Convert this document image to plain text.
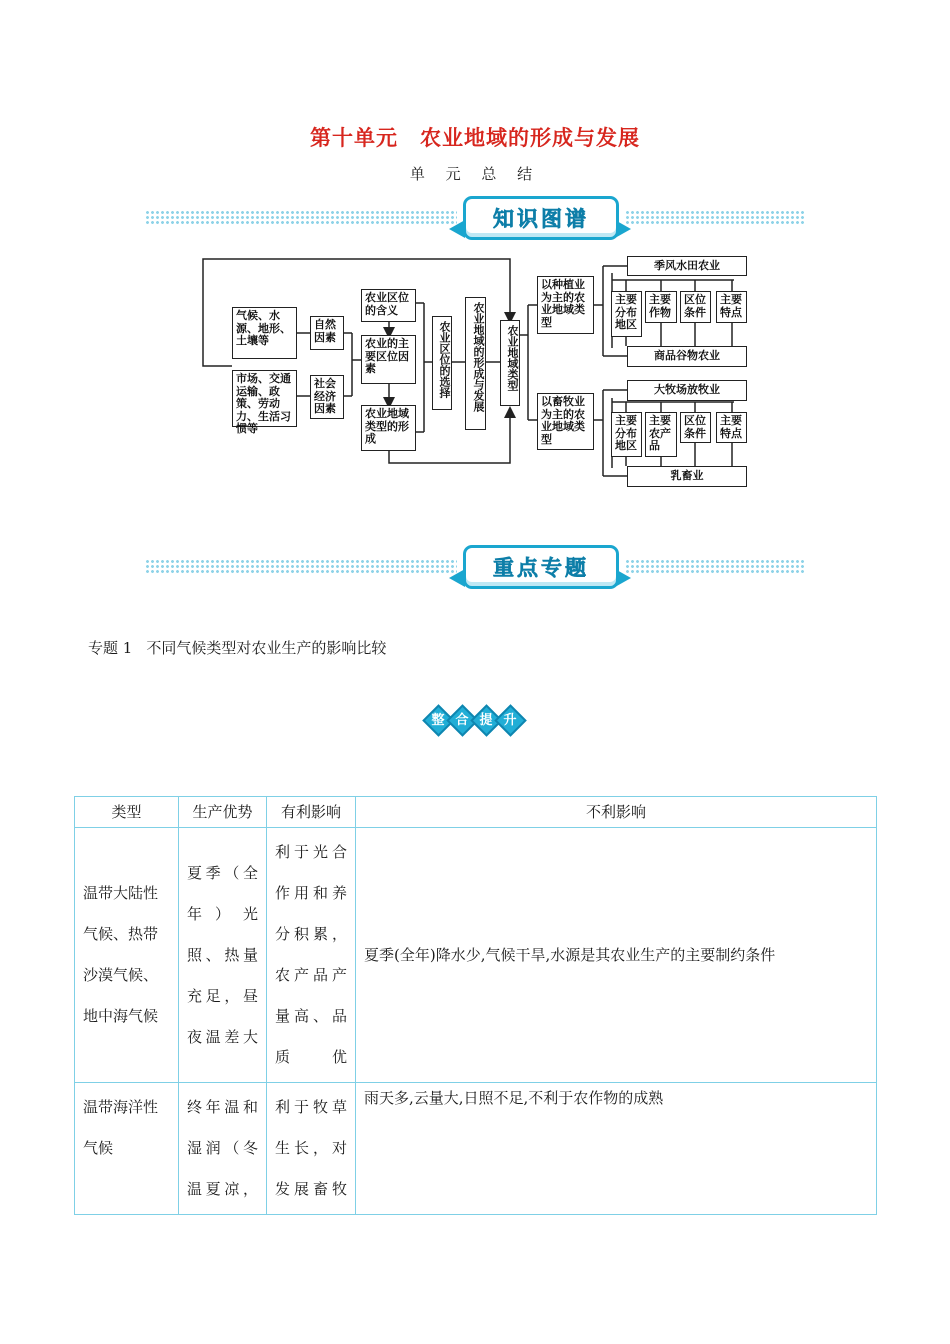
第十单元　农业地域的形成与发展
单 元 总 结
知识图谱
气候、水源、地形、土壤等
市场、交通运输、政策、劳动力、生活习惯等
自然因素
社会经济因素
农业区位的含义
农业的主要区位因素
农业地域类型的形成
农业区位的选择	农业地域的形成与发展	农业地域类型
以种植业为主的农业地域类型
以畜牧业为主的农业地域类型
季风水田农业
主要分布地区
主要作物
区位条件
主要特点
商品谷物农业
大牧场放牧业
主要分布地区
主要农产品
区位条件
主要特点
乳畜业
重点专题
专题 1 不同气候类型对农业生产的影响比较
整 合 提 升
类型	生产优势	有利影响	不利影响
温带大陆性气候、热带沙漠气候、地中海气候	夏季（全年）光照、热量充足，昼夜温差大	利于光合作用和养分积累，农产品产量高、品质优	夏季(全年)降水少,气候干旱,水源是其农业生产的主要制约条件
温带海洋性气候	终年温和湿润（冬温夏凉，	利于牧草生长，对发展畜牧	雨天多,云量大,日照不足,不利于农作物的成熟
